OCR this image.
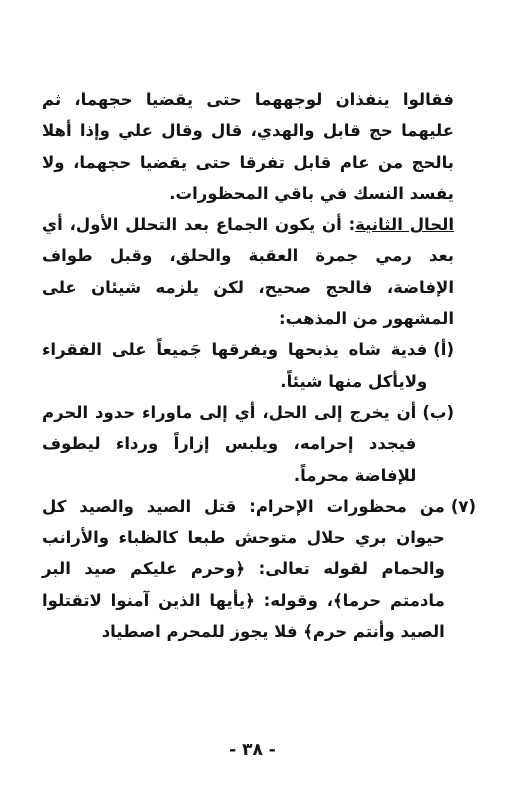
فقالوا ينفذان لوجههما حتى يقضيا حجهما، ثم عليهما حج قابل والهدي، قال وقال علي وإذا أهلا بالحج من عام قابل تفرقا حتى يقضيا حجهما، ولا يفسد النسك في باقي المحظورات.

الحال الثانية: أن يكون الجماع بعد التحلل الأول، أي بعد رمي جمرة العقبة والحلق، وقبل طواف الإفاضة، فالحج صحيح، لكن يلزمه شيئان على المشهور من المذهب:

(أ)
فدية شاه يذبحها ويفرقها جَميعاً على الفقراء ولايأكل منها شيئاً.
(ب)
أن يخرج إلى الحل، أي إلى ماوراء حدود الحرم فيجدد إحرامه، ويلبس إزاراً ورداء ليطوف للإفاضة محرماً.
(٧)
من محظورات الإحرام: قتل الصيد والصيد كل حيوان بري حلال متوحش طبعا كالظباء والأرانب والحمام لقوله تعالى: ﴿وحرم عليكم صيد البر مادمتم حرما﴾، وقوله: ﴿يأيها الذين آمنوا لاتقتلوا الصيد وأنتم حرم﴾ فلا يجوز للمحرم اصطياد
- ٣٨ -
